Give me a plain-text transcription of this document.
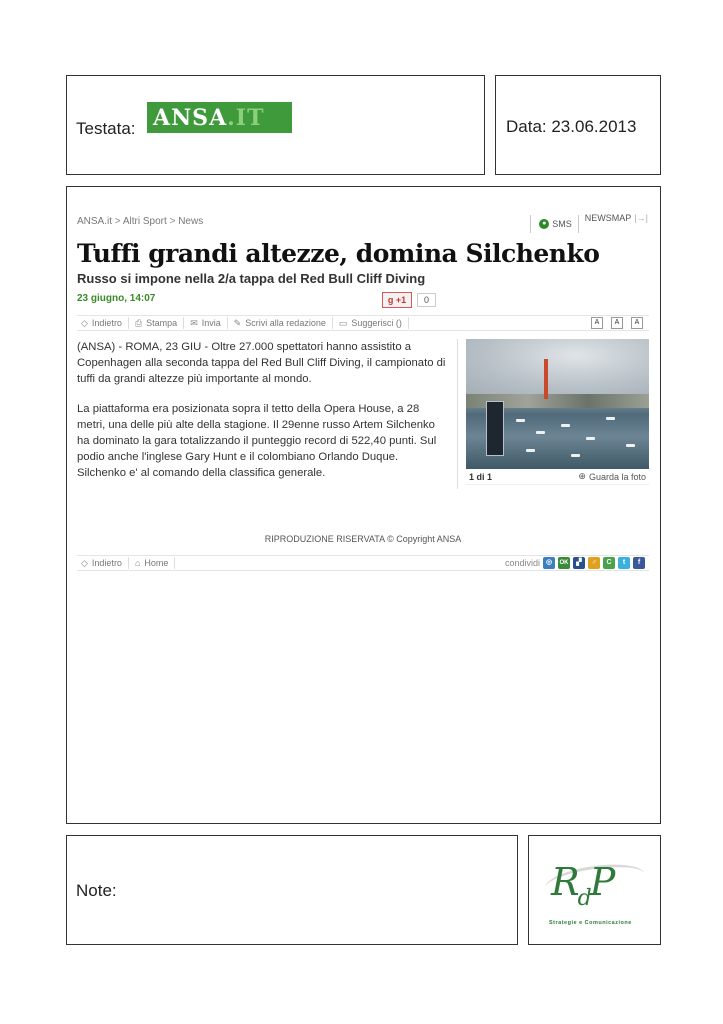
Testata: ANSA .IT	Data: 23.06.2013
ANSA.it > Altri Sport > News	● SMS
NEWSMAP |→|
Tuffi grandi altezze, domina Silchenko
Russo si impone nella 2/a tappa del Red Bull Cliff Diving
23 giugno, 14:07	g
+1	0
◇ Indietro ⎙ Stampa ✉ Invia ✎ Scrivi alla redazione ▭ Suggerisci ()	A	A	A

(ANSA) - ROMA, 23 GIU - Oltre 27.000 spettatori hanno assistito a Copenhagen alla seconda tappa del Red Bull Cliff Diving, il campionato di tuffi da grandi altezze più importante al mondo.

La piattaforma era posizionata sopra il tetto della Opera House, a 28 metri, una delle più alte della stagione. Il 29enne russo Artem Silchenko ha dominato la gara totalizzando il punteggio record di 522,40 punti. Sul podio anche l'inglese Gary Hunt e il colombiano Orlando Duque. Silchenko e' al comando della classifica generale.	1 di 1	⊕ Guarda la foto
RIPRODUZIONE RISERVATA © Copyright ANSA
◇ Indietro ⌂ Home	condividi ◎	OK	▞	♂	C	t	f
Note:	$R_dP$
Strategie e Comunicazione
